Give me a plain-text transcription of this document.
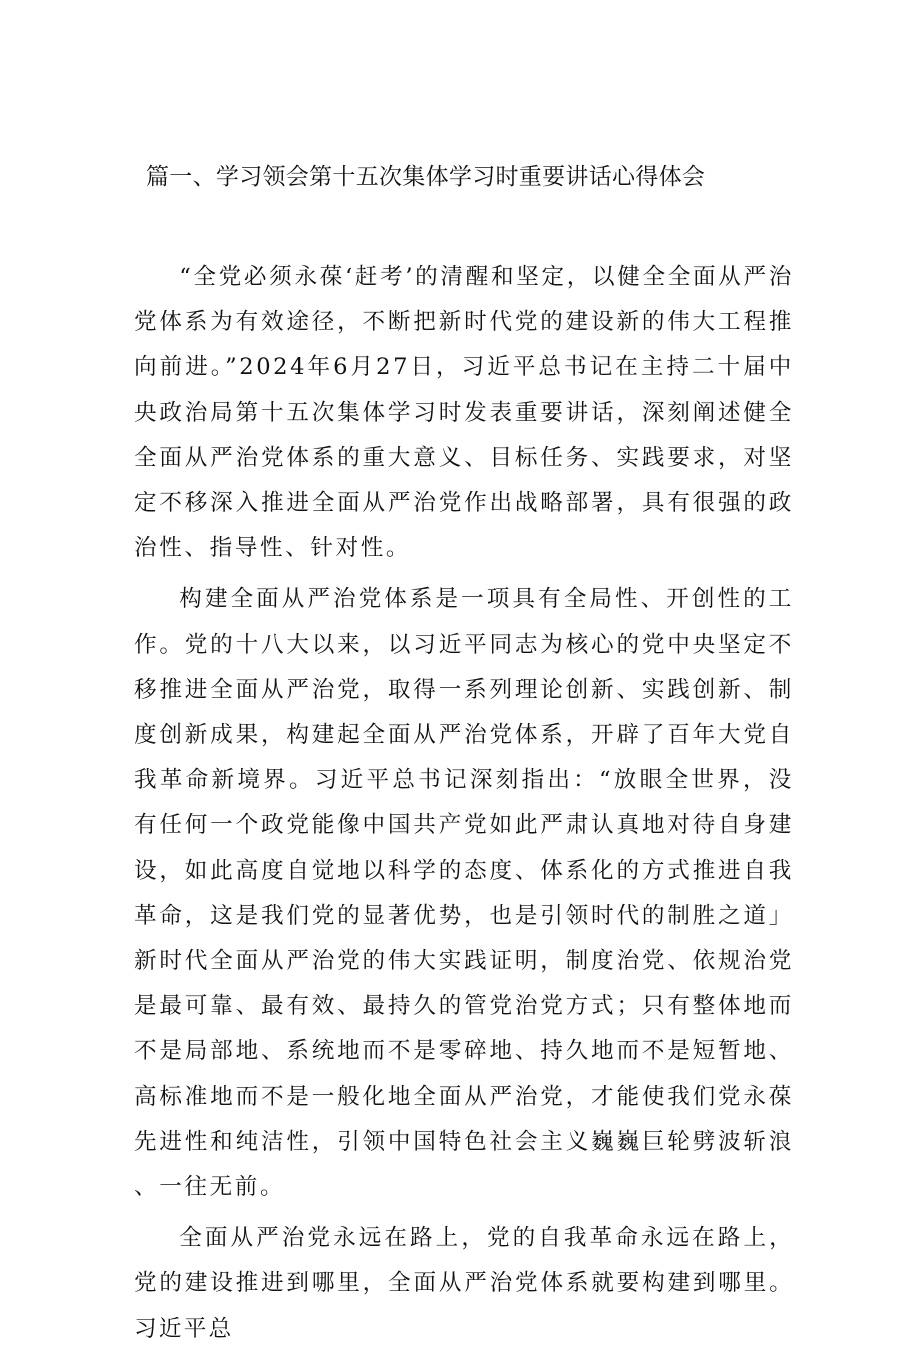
篇一、学习领会第十五次集体学习时重要讲话心得体会

“全党必须永葆‘赶考’的清醒和坚定，以健全全面从严治党体系为有效途径，不断把新时代党的建设新的伟大工程推向前进。”2024年6月27日，习近平总书记在主持二十届中央政治局第十五次集体学习时发表重要讲话，深刻阐述健全全面从严治党体系的重大意义、目标任务、实践要求，对坚定不移深入推进全面从严治党作出战略部署，具有很强的政治性、指导性、针对性。

构建全面从严治党体系是一项具有全局性、开创性的工作。党的十八大以来，以习近平同志为核心的党中央坚定不移推进全面从严治党，取得一系列理论创新、实践创新、制度创新成果，构建起全面从严治党体系，开辟了百年大党自我革命新境界。习近平总书记深刻指出：“放眼全世界，没有任何一个政党能像中国共产党如此严肃认真地对待自身建设，如此高度自觉地以科学的态度、体系化的方式推进自我革命，这是我们党的显著优势，也是引领时代的制胜之道」新时代全面从严治党的伟大实践证明，制度治党、依规治党是最可靠、最有效、最持久的管党治党方式；只有整体地而不是局部地、系统地而不是零碎地、持久地而不是短暂地、高标准地而不是一般化地全面从严治党，才能使我们党永葆先进性和纯洁性，引领中国特色社会主义巍巍巨轮劈波斩浪、一往无前。

全面从严治党永远在路上，党的自我革命永远在路上，党的建设推进到哪里，全面从严治党体系就要构建到哪里。习近平总
